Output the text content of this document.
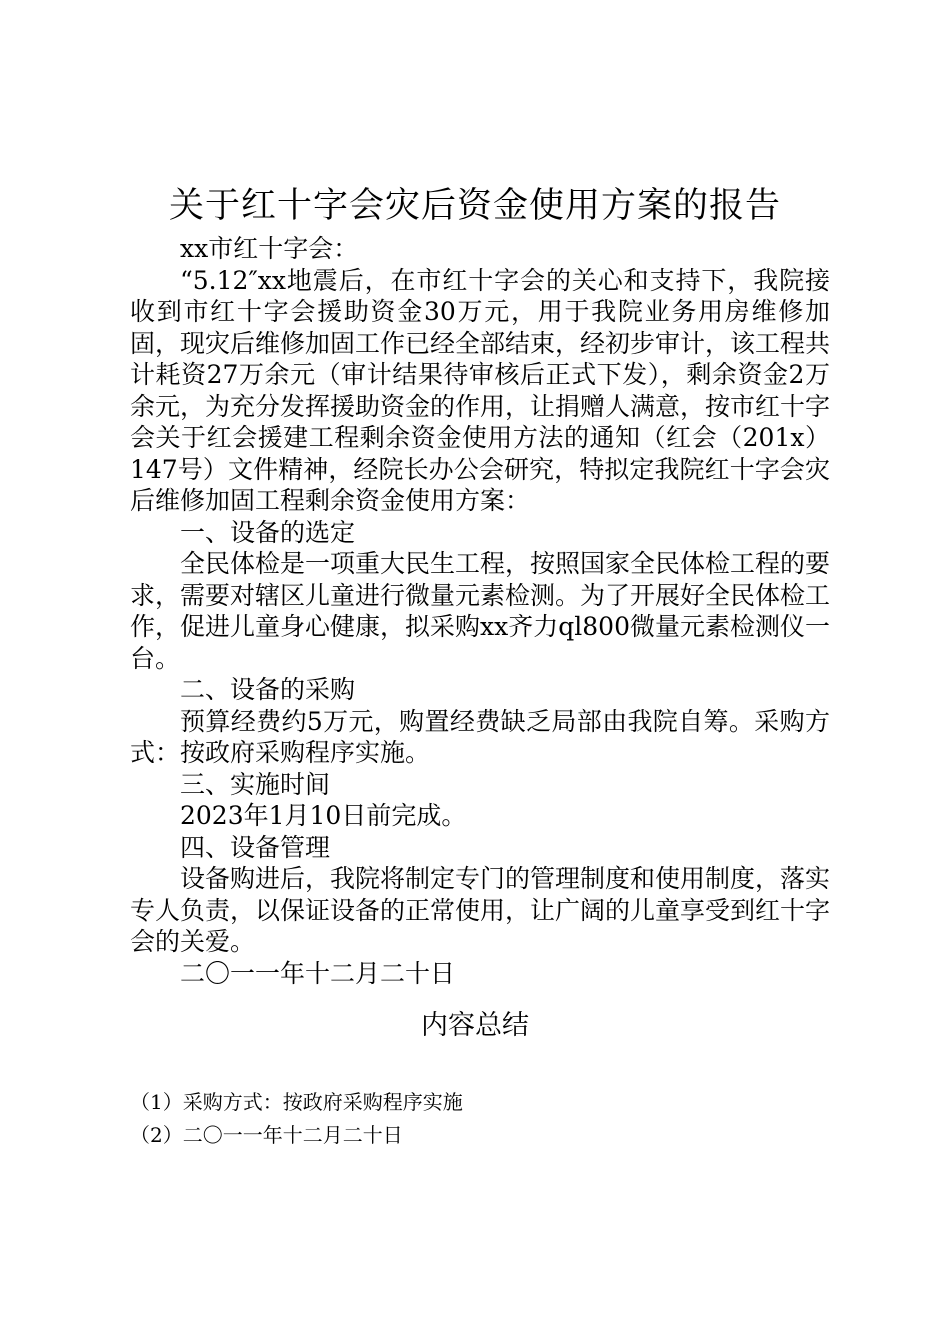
关于红十字会灾后资金使用方案的报告

xx市红十字会：

“5.12″xx地震后，在市红十字会的关心和支持下，我院接收到市红十字会援助资金30万元，用于我院业务用房维修加固，现灾后维修加固工作已经全部结束，经初步审计，该工程共计耗资27万余元（审计结果待审核后正式下发），剩余资金2万余元，为充分发挥援助资金的作用，让捐赠人满意，按市红十字会关于红会援建工程剩余资金使用方法的通知（红会（201x）147号）文件精神，经院长办公会研究，特拟定我院红十字会灾后维修加固工程剩余资金使用方案：

一、设备的选定

全民体检是一项重大民生工程，按照国家全民体检工程的要求，需要对辖区儿童进行微量元素检测。为了开展好全民体检工作，促进儿童身心健康，拟采购xx齐力ql800微量元素检测仪一台。

二、设备的采购

预算经费约5万元，购置经费缺乏局部由我院自筹。采购方式：按政府采购程序实施。

三、实施时间

2023年1月10日前完成。

四、设备管理

设备购进后，我院将制定专门的管理制度和使用制度，落实专人负责，以保证设备的正常使用，让广阔的儿童享受到红十字会的关爱。

二〇一一年十二月二十日

内容总结
（1）采购方式：按政府采购程序实施
（2）二〇一一年十二月二十日
